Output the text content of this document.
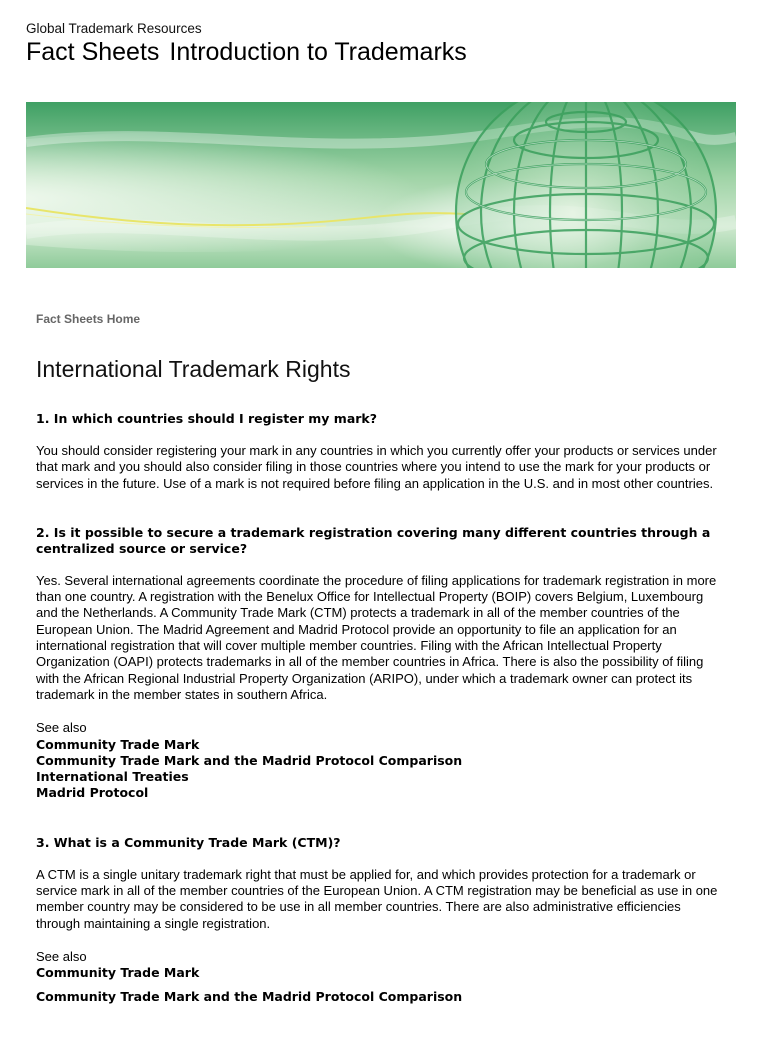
Global Trademark Resources
Fact Sheets Introduction to Trademarks
Fact Sheets Home
International Trademark Rights
1. In which countries should I register my mark?
You should consider registering your mark in any countries in which you currently offer your products or services under that mark and you should also consider filing in those countries where you intend to use the mark for your products or services in the future. Use of a mark is not required before filing an application in the U.S. and in most other countries.
2. Is it possible to secure a trademark registration covering many different countries through a centralized source or service?
Yes. Several international agreements coordinate the procedure of filing applications for trademark registration in more than one country. A registration with the Benelux Office for Intellectual Property (BOIP) covers Belgium, Luxembourg and the Netherlands. A Community Trade Mark (CTM) protects a trademark in all of the member countries of the European Union. The Madrid Agreement and Madrid Protocol provide an opportunity to file an application for an international registration that will cover multiple member countries. Filing with the African Intellectual Property Organization (OAPI) protects trademarks in all of the member countries in Africa. There is also the possibility of filing with the African Regional Industrial Property Organization (ARIPO), under which a trademark owner can protect its trademark in the member states in southern Africa.
See also
Community Trade Mark
Community Trade Mark and the Madrid Protocol Comparison
International Treaties
Madrid Protocol
3. What is a Community Trade Mark (CTM)?
A CTM is a single unitary trademark right that must be applied for, and which provides protection for a trademark or service mark in all of the member countries of the European Union. A CTM registration may be beneficial as use in one member country may be considered to be use in all member countries. There are also administrative efficiencies through maintaining a single registration.
See also
Community Trade Mark
Community Trade Mark and the Madrid Protocol Comparison
